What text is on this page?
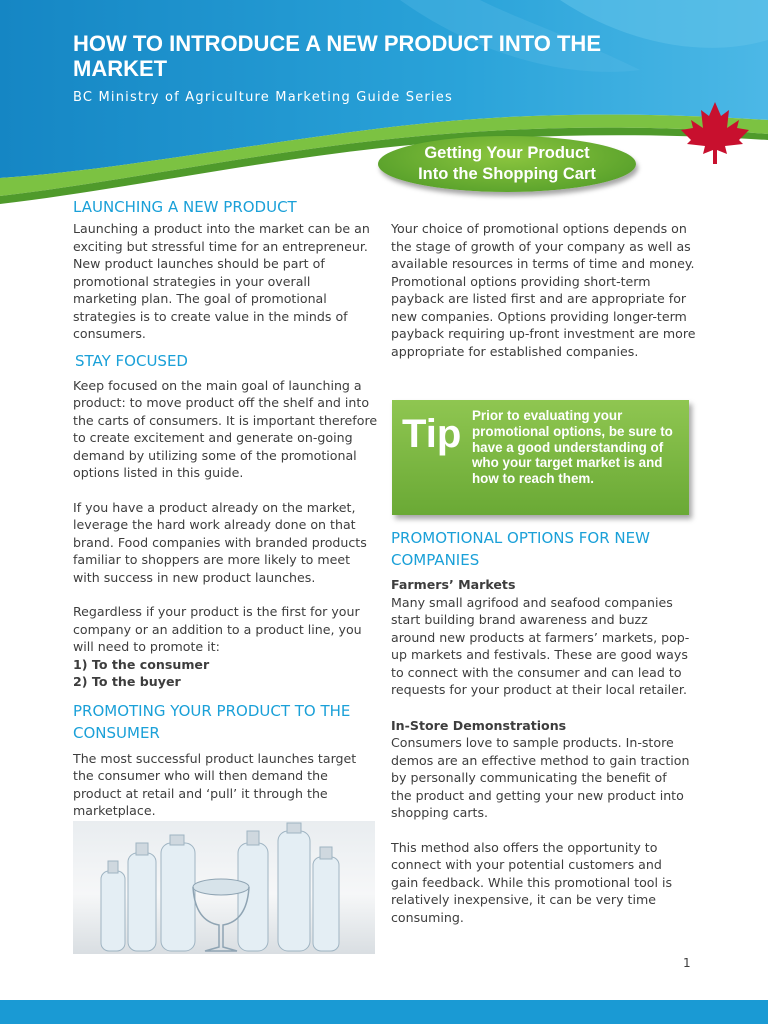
HOW TO INTRODUCE A NEW PRODUCT INTO THE MARKET
BC Ministry of Agriculture Marketing Guide Series
Getting Your Product
Into the Shopping Cart
LAUNCHING A NEW PRODUCT

Launching a product into the market can be an exciting but stressful time for an entrepreneur. New product launches should be part of promotional strategies in your overall marketing plan. The goal of promotional strategies is to create value in the minds of consumers.

STAY FOCUSED

Keep focused on the main goal of launching a product: to move product off the shelf and into the carts of consumers. It is important therefore to create excitement and generate on-going demand by utilizing some of the promotional options listed in this guide.

If you have a product already on the market, leverage the hard work already done on that brand. Food companies with branded products familiar to shoppers are more likely to meet with success in new product launches.

Regardless if your product is the first for your company or an addition to a product line, you will need to promote it:

1) To the consumer
2) To the buyer
PROMOTING YOUR PRODUCT TO THE CONSUMER

The most successful product launches target the consumer who will then demand the product at retail and ‘pull’ it through the marketplace.

Your choice of promotional options depends on the stage of growth of your company as well as available resources in terms of time and money. Promotional options providing short-term payback are listed first and are appropriate for new companies. Options providing longer-term payback requiring up-front investment are more appropriate for established companies.

Tip Prior to evaluating your promotional options, be sure to have a good understanding of who your target market is and how to reach them.
PROMOTIONAL OPTIONS FOR NEW COMPANIES
Farmers’ Markets

Many small agrifood and seafood companies start building brand awareness and buzz around new products at farmers’ markets, pop-up markets and festivals. These are good ways to connect with the consumer and can lead to requests for your product at their local retailer.

In-Store Demonstrations

Consumers love to sample products. In-store demos are an effective method to gain traction by personally communicating the benefit of the product and getting your new product into shopping carts.

This method also offers the opportunity to connect with your potential customers and gain feedback. While this promotional tool is relatively inexpensive, it can be very time consuming.

1
